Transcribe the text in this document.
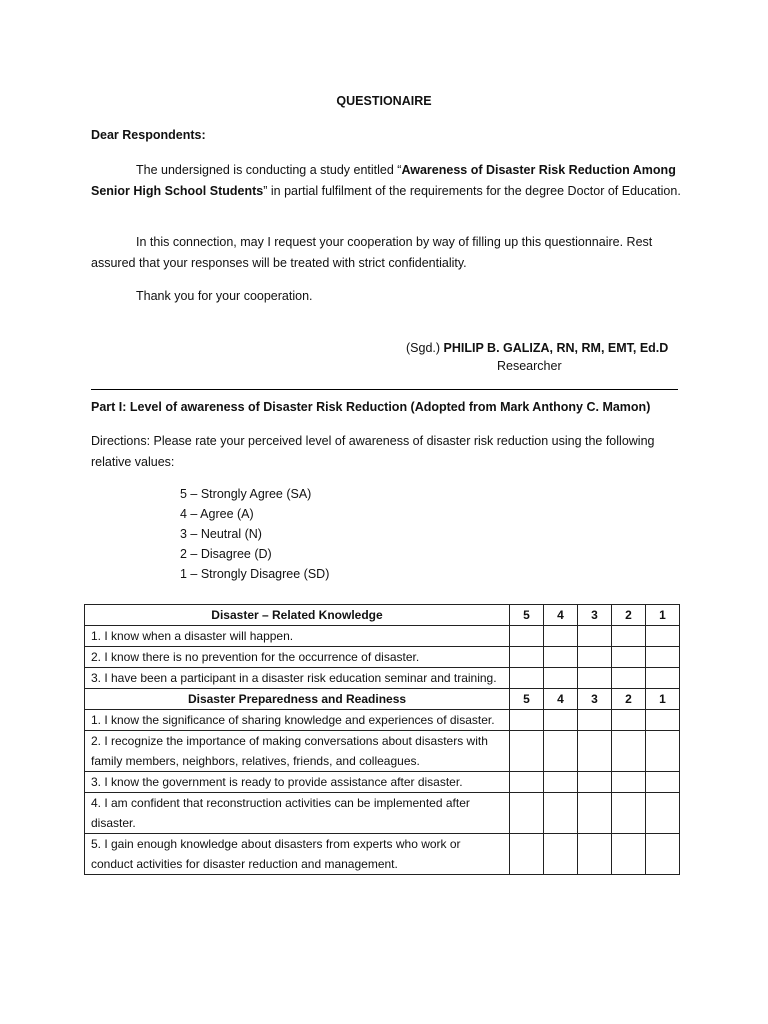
QUESTIONAIRE
Dear Respondents:
The undersigned is conducting a study entitled “Awareness of Disaster Risk Reduction Among Senior High School Students” in partial fulfilment of the requirements for the degree Doctor of Education.
In this connection, may I request your cooperation by way of filling up this questionnaire. Rest assured that your responses will be treated with strict confidentiality.
Thank you for your cooperation.
(Sgd.) PHILIP B. GALIZA, RN, RM, EMT, Ed.D
Researcher
Part I: Level of awareness of Disaster Risk Reduction (Adopted from Mark Anthony C. Mamon)
Directions: Please rate your perceived level of awareness of disaster risk reduction using the following relative values:
5 – Strongly Agree (SA)
4 – Agree (A)
3 – Neutral (N)
2 – Disagree (D)
1 – Strongly Disagree (SD)
Disaster – Related Knowledge	5	4	3	2	1
1. I know when a disaster will happen.					
2. I know there is no prevention for the occurrence of disaster.					
3. I have been a participant in a disaster risk education seminar and training.					
Disaster Preparedness and Readiness	5	4	3	2	1
1. I know the significance of sharing knowledge and experiences of disaster.					
2. I recognize the importance of making conversations about disasters with family members, neighbors, relatives, friends, and colleagues.					
3. I know the government is ready to provide assistance after disaster.					
4. I am confident that reconstruction activities can be implemented after disaster.					
5. I gain enough knowledge about disasters from experts who work or conduct activities for disaster reduction and management.					
